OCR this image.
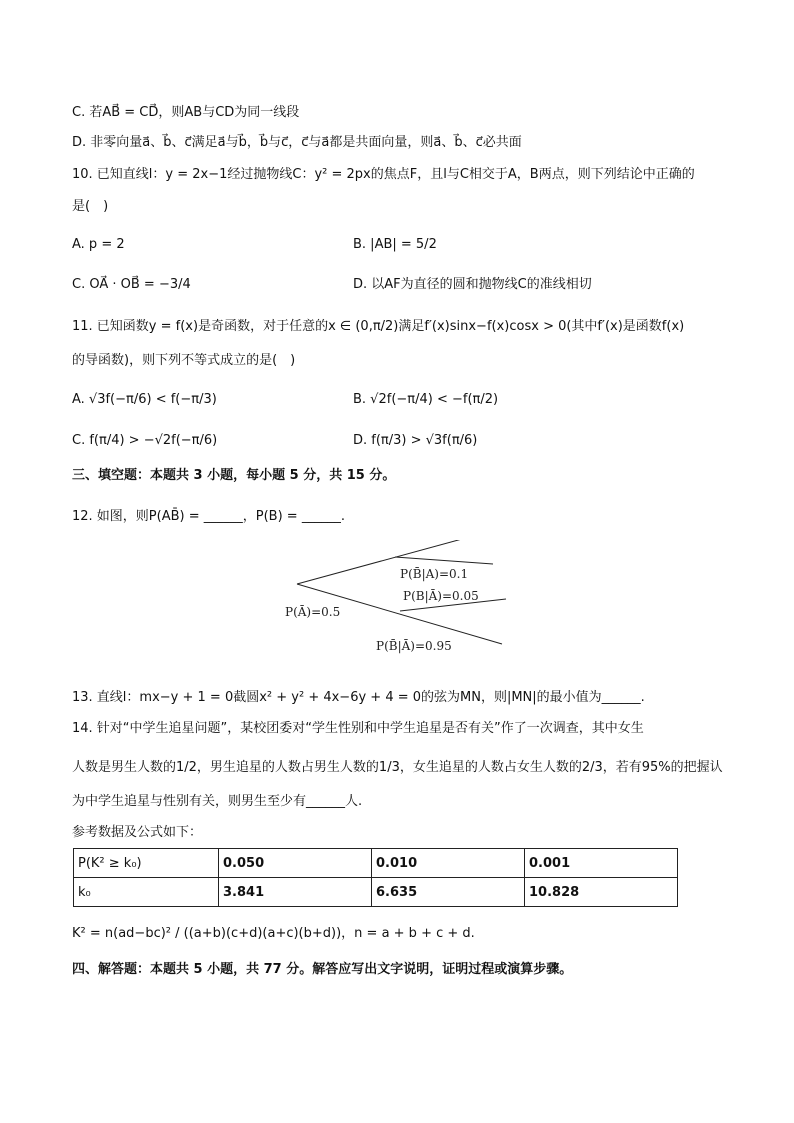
C. 若AB⃗ = CD⃗，则AB与CD为同一线段
D. 非零向量a⃗、b⃗、c⃗满足a⃗与b⃗，b⃗与c⃗，c⃗与a⃗都是共面向量，则a⃗、b⃗、c⃗必共面
10. 已知直线l：y = 2x−1经过抛物线C：y² = 2px的焦点F，且l与C相交于A，B两点，则下列结论中正确的
是(　)
A. p = 2	B. |AB| = 5/2
C. OA⃗ · OB⃗ = −3/4	D. 以AF为直径的圆和抛物线C的准线相切
11. 已知函数y = f(x)是奇函数，对于任意的x ∈ (0,π/2)满足f′(x)sinx−f(x)cosx > 0(其中f′(x)是函数f(x)
的导函数)，则下列不等式成立的是(　)
A. √3f(−π/6) < f(−π/3)	B. √2f(−π/4) < −f(π/2)
C. f(π/4) > −√2f(−π/6)	D. f(π/3) > √3f(π/6)
三、填空题：本题共 3 小题，每小题 5 分，共 15 分。
12. 如图，则P(AB̄) = ______，P(B) = ______.
P(Ā)=0.5
P(B̄|A)=0.1
P(B|Ā)=0.05
P(B̄|Ā)=0.95
13. 直线l：mx−y + 1 = 0截圆x² + y² + 4x−6y + 4 = 0的弦为MN，则|MN|的最小值为______.
14. 针对“中学生追星问题”，某校团委对“学生性别和中学生追星是否有关”作了一次调查，其中女生
人数是男生人数的1/2，男生追星的人数占男生人数的1/3，女生追星的人数占女生人数的2/3，若有95%的把握认
为中学生追星与性别有关，则男生至少有______人.
参考数据及公式如下：
P(K² ≥ k₀)	0.050	0.010	0.001
k₀	3.841	6.635	10.828
K² = n(ad−bc)² / ((a+b)(c+d)(a+c)(b+d))，n = a + b + c + d.
四、解答题：本题共 5 小题，共 77 分。解答应写出文字说明，证明过程或演算步骤。
